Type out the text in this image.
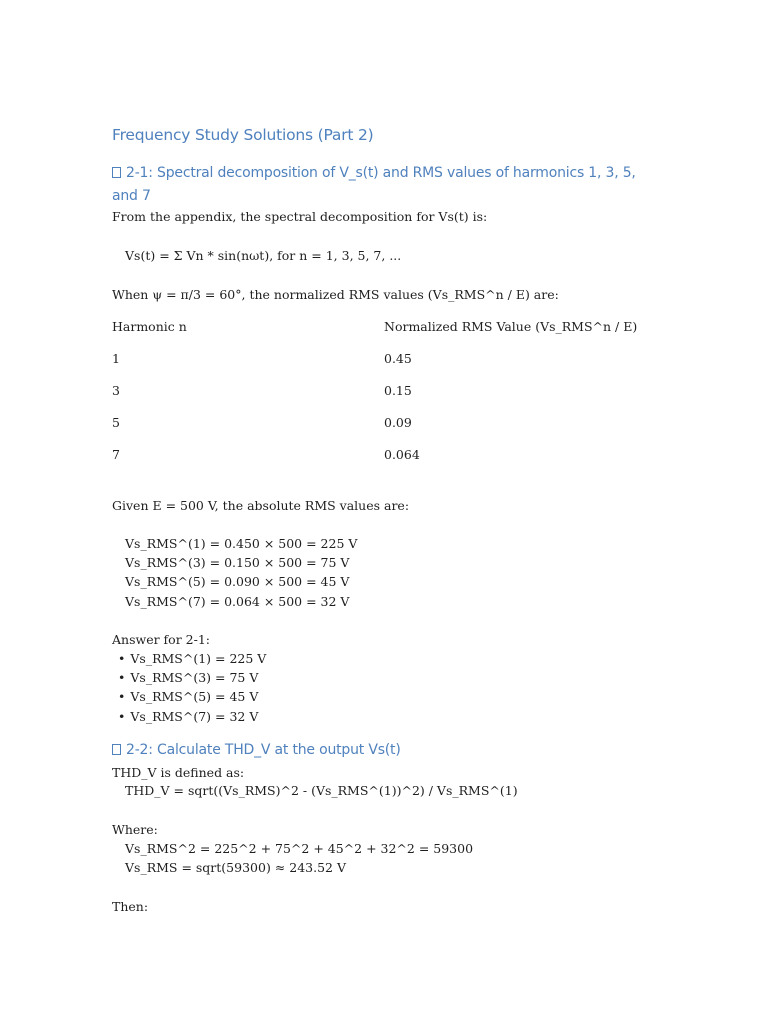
Frequency Study Solutions (Part 2)
2-1: Spectral decomposition of V_s(t) and RMS values of harmonics 1, 3, 5,
and 7
From the appendix, the spectral decomposition for Vs(t) is:
Vs(t) = Σ Vn * sin(nωt), for n = 1, 3, 5, 7, ...
When ψ = π/3 = 60°, the normalized RMS values (Vs_RMS^n / E) are:
Harmonic n	Normalized RMS Value (Vs_RMS^n / E)
1	0.45
3	0.15
5	0.09
7	0.064
Given E = 500 V, the absolute RMS values are:
Vs_RMS^(1) = 0.450 × 500 = 225 V
Vs_RMS^(3) = 0.150 × 500 = 75 V
Vs_RMS^(5) = 0.090 × 500 = 45 V
Vs_RMS^(7) = 0.064 × 500 = 32 V
Answer for 2-1:
• Vs_RMS^(1) = 225 V
• Vs_RMS^(3) = 75 V
• Vs_RMS^(5) = 45 V
• Vs_RMS^(7) = 32 V
2-2: Calculate THD_V at the output Vs(t)
THD_V is defined as:
THD_V = sqrt((Vs_RMS)^2 - (Vs_RMS^(1))^2) / Vs_RMS^(1)
Where:
Vs_RMS^2 = 225^2 + 75^2 + 45^2 + 32^2 = 59300
Vs_RMS = sqrt(59300) ≈ 243.52 V
Then:
